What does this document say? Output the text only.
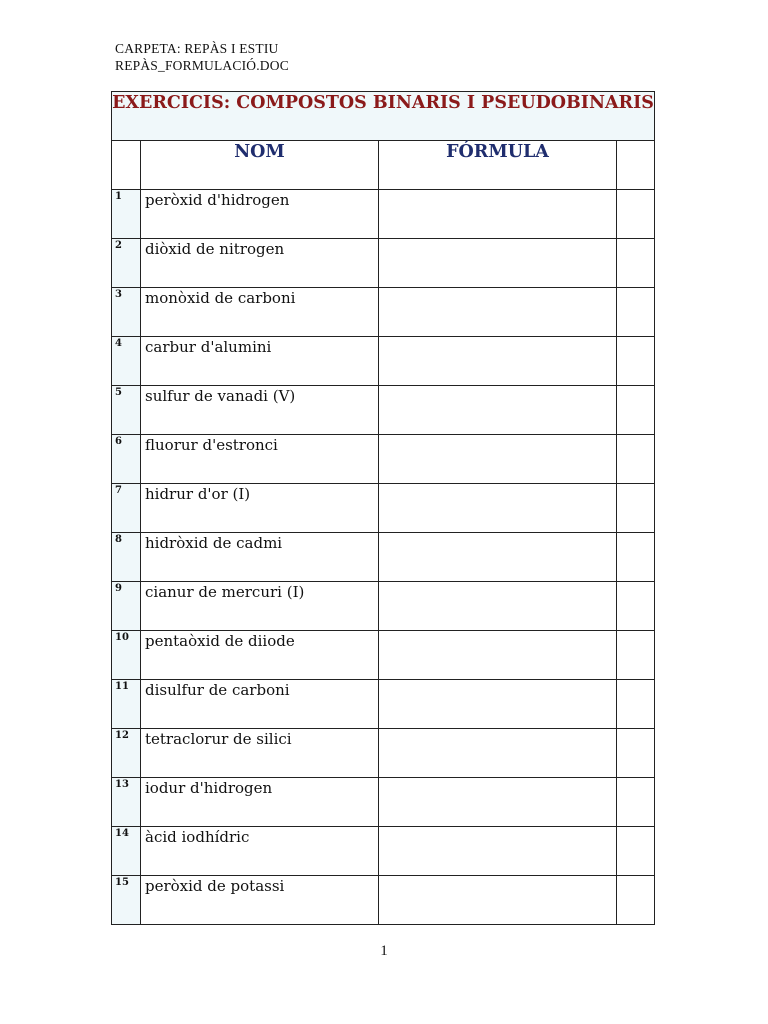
CARPETA: REPÀS I ESTIU
REPÀS_FORMULACIÓ.DOC
EXERCICIS: COMPOSTOS BINARIS I PSEUDOBINARIS			
	NOM	FÓRMULA	
1	peròxid d'hidrogen		
2	diòxid de nitrogen		
3	monòxid de carboni		
4	carbur d'alumini		
5	sulfur de vanadi (V)		
6	fluorur d'estronci		
7	hidrur d'or (I)		
8	hidròxid de cadmi		
9	cianur de mercuri (I)		
10	pentaòxid de diiode		
11	disulfur de carboni		
12	tetraclorur de silici		
13	iodur d'hidrogen		
14	àcid iodhídric		
15	peròxid de potassi		
1
